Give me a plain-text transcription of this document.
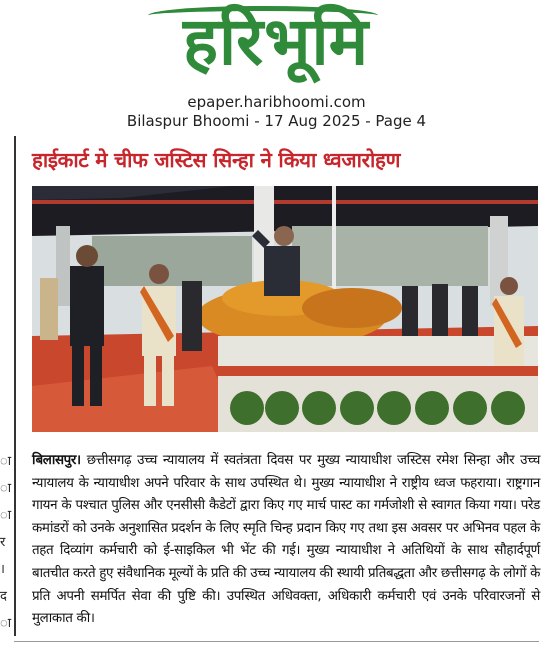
हरिभूमि
epaper.haribhoomi.com
Bilaspur Bhoomi - 17 Aug 2025 - Page 4
ा
ा
ा
र
।
द
ा
हाईकार्ट मे चीफ जस्टिस सिन्हा ने किया ध्वजारोहण
बिलासपुर। छत्तीसगढ़ उच्च न्यायालय में स्वतंत्रता दिवस पर मुख्य न्यायाधीश जस्टिस रमेश सिन्हा और उच्च न्यायालय के न्यायाधीश अपने परिवार के साथ उपस्थित थे। मुख्य न्यायाधीश ने राष्ट्रीय ध्वज फहराया। राष्ट्रगान गायन के पश्चात पुलिस और एनसीसी कैडेटों द्वारा किए गए मार्च पास्ट का गर्मजोशी से स्वागत किया गया। परेड कमांडरों को उनके अनुशासित प्रदर्शन के लिए स्मृति चिन्ह प्रदान किए गए तथा इस अवसर पर अभिनव पहल के तहत दिव्यांग कर्मचारी को ई-साइकिल भी भेंट की गई। मुख्य न्यायाधीश ने अतिथियों के साथ सौहार्दपूर्ण बातचीत करते हुए संवैधानिक मूल्यों के प्रति की उच्च न्यायालय की स्थायी प्रतिबद्धता और छत्तीसगढ़ के लोगों के प्रति अपनी समर्पित सेवा की पुष्टि की। उपस्थित अधिवक्ता, अधिकारी कर्मचारी एवं उनके परिवारजनों से मुलाकात की।
